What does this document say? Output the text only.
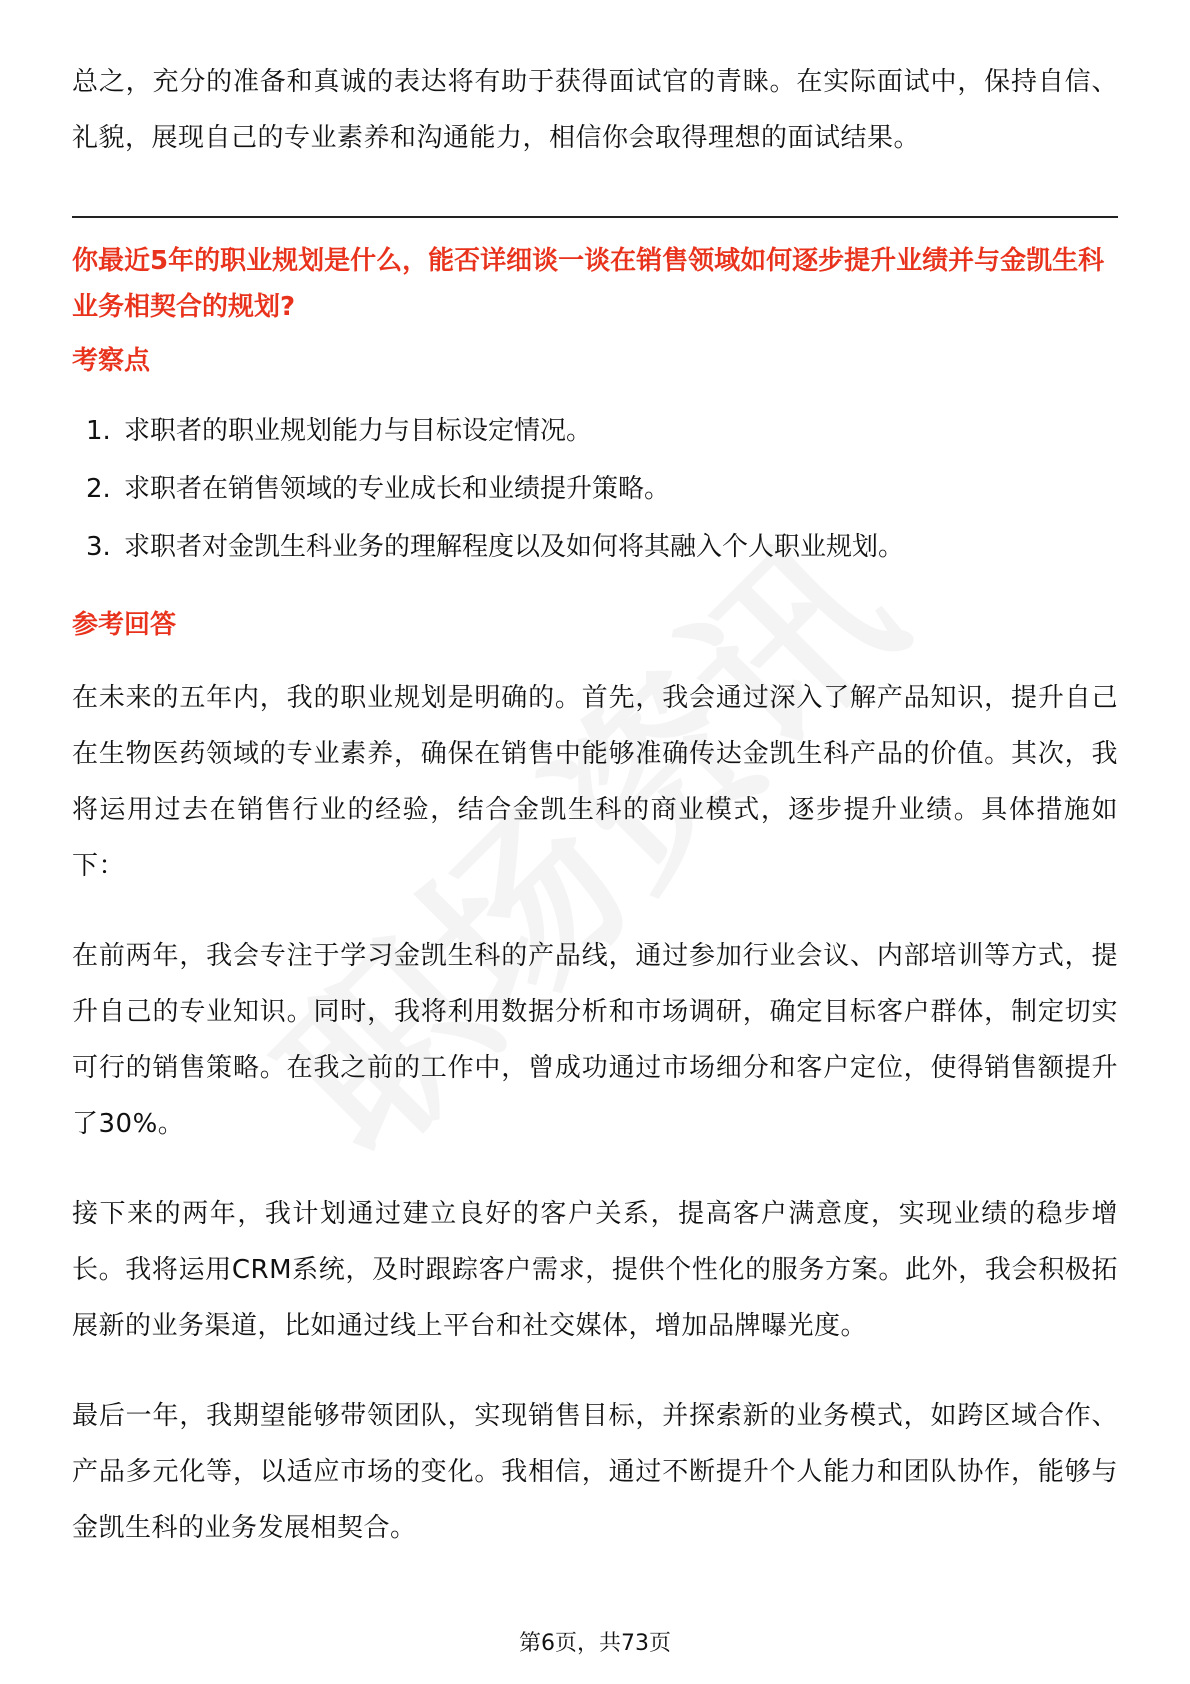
总之，充分的准备和真诚的表达将有助于获得面试官的青睐。在实际面试中，保持自信、礼貌，展现自己的专业素养和沟通能力，相信你会取得理想的面试结果。

你最近5年的职业规划是什么，能否详细谈一谈在销售领域如何逐步提升业绩并与金凯生科业务相契合的规划?

考察点

1. 求职者的职业规划能力与目标设定情况。
2. 求职者在销售领域的专业成长和业绩提升策略。
3. 求职者对金凯生科业务的理解程度以及如何将其融入个人职业规划。

参考回答

在未来的五年内，我的职业规划是明确的。首先，我会通过深入了解产品知识，提升自己在生物医药领域的专业素养，确保在销售中能够准确传达金凯生科产品的价值。其次，我将运用过去在销售行业的经验，结合金凯生科的商业模式，逐步提升业绩。具体措施如下：

在前两年，我会专注于学习金凯生科的产品线，通过参加行业会议、内部培训等方式，提升自己的专业知识。同时，我将利用数据分析和市场调研，确定目标客户群体，制定切实可行的销售策略。在我之前的工作中，曾成功通过市场细分和客户定位，使得销售额提升了30%。

接下来的两年，我计划通过建立良好的客户关系，提高客户满意度，实现业绩的稳步增长。我将运用CRM系统，及时跟踪客户需求，提供个性化的服务方案。此外，我会积极拓展新的业务渠道，比如通过线上平台和社交媒体，增加品牌曝光度。

最后一年，我期望能够带领团队，实现销售目标，并探索新的业务模式，如跨区域合作、产品多元化等，以适应市场的变化。我相信，通过不断提升个人能力和团队协作，能够与金凯生科的业务发展相契合。

第6页，共73页
